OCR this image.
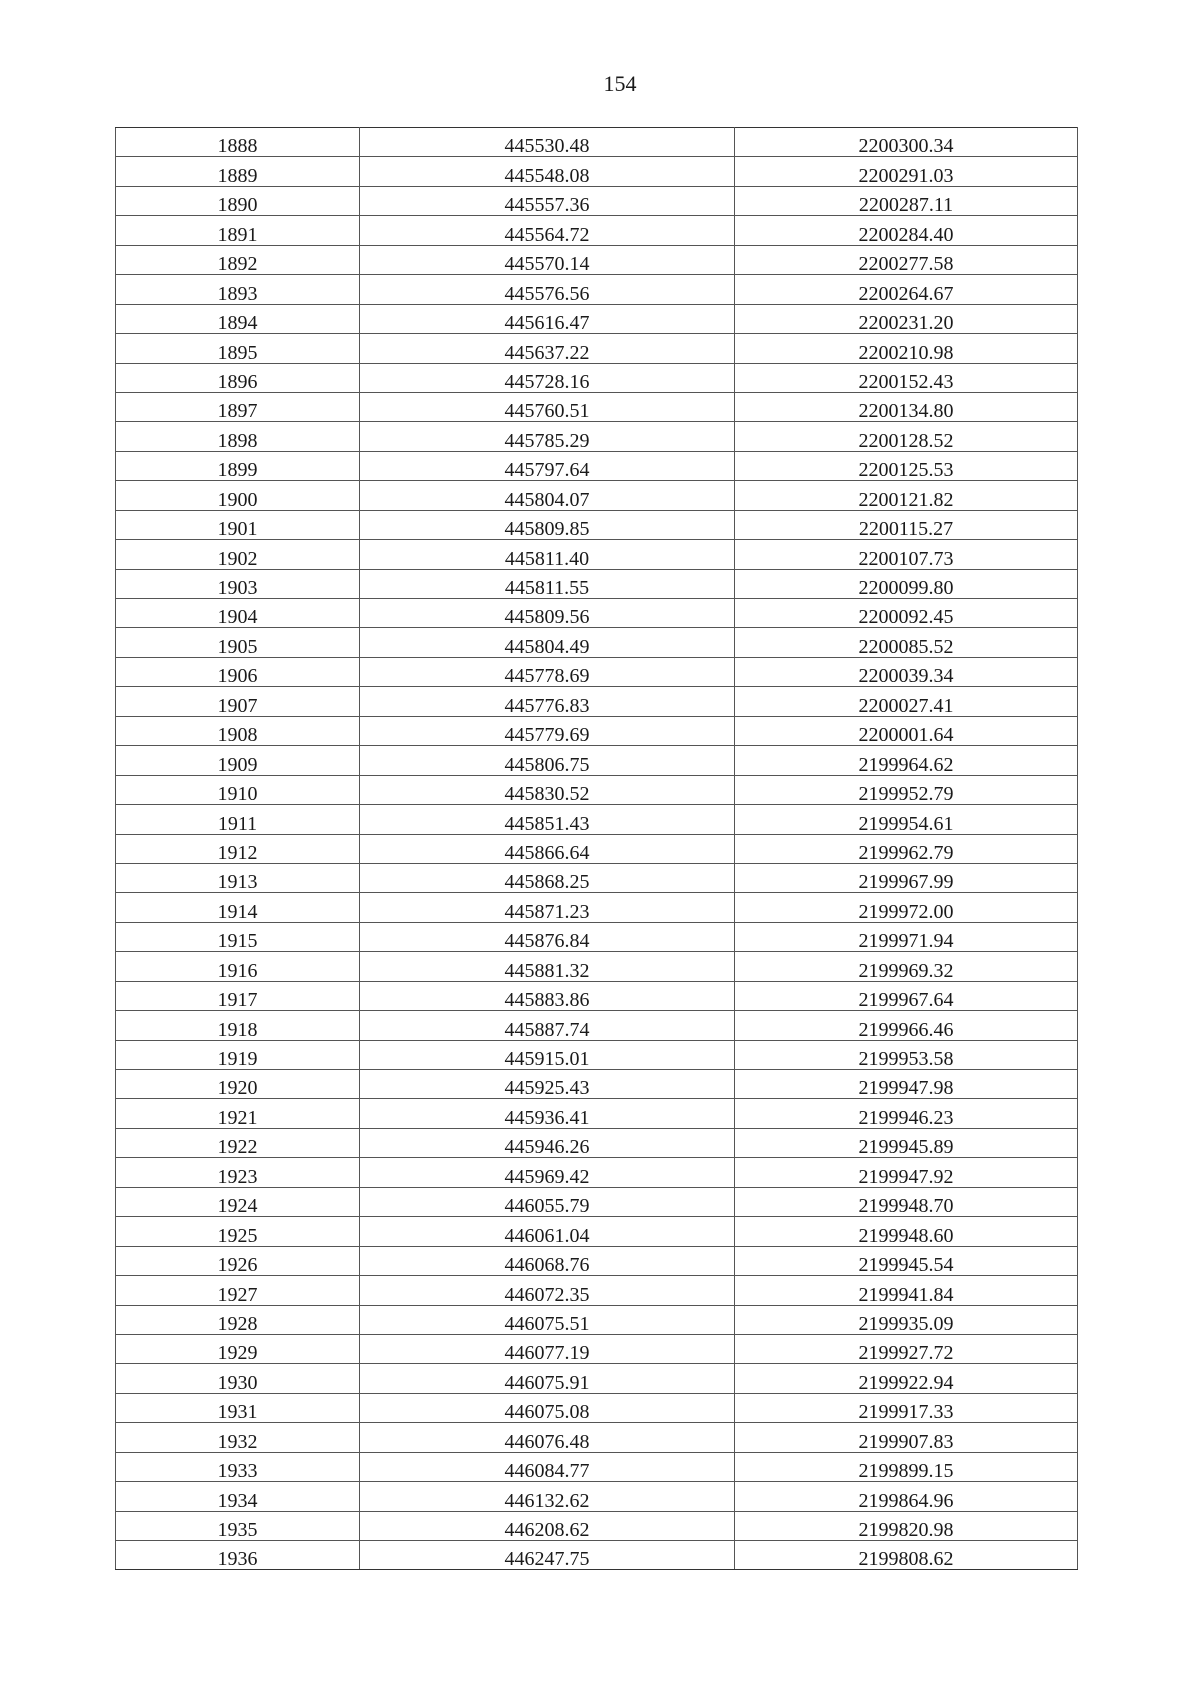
154
1888	445530.48	2200300.34
1889	445548.08	2200291.03
1890	445557.36	2200287.11
1891	445564.72	2200284.40
1892	445570.14	2200277.58
1893	445576.56	2200264.67
1894	445616.47	2200231.20
1895	445637.22	2200210.98
1896	445728.16	2200152.43
1897	445760.51	2200134.80
1898	445785.29	2200128.52
1899	445797.64	2200125.53
1900	445804.07	2200121.82
1901	445809.85	2200115.27
1902	445811.40	2200107.73
1903	445811.55	2200099.80
1904	445809.56	2200092.45
1905	445804.49	2200085.52
1906	445778.69	2200039.34
1907	445776.83	2200027.41
1908	445779.69	2200001.64
1909	445806.75	2199964.62
1910	445830.52	2199952.79
1911	445851.43	2199954.61
1912	445866.64	2199962.79
1913	445868.25	2199967.99
1914	445871.23	2199972.00
1915	445876.84	2199971.94
1916	445881.32	2199969.32
1917	445883.86	2199967.64
1918	445887.74	2199966.46
1919	445915.01	2199953.58
1920	445925.43	2199947.98
1921	445936.41	2199946.23
1922	445946.26	2199945.89
1923	445969.42	2199947.92
1924	446055.79	2199948.70
1925	446061.04	2199948.60
1926	446068.76	2199945.54
1927	446072.35	2199941.84
1928	446075.51	2199935.09
1929	446077.19	2199927.72
1930	446075.91	2199922.94
1931	446075.08	2199917.33
1932	446076.48	2199907.83
1933	446084.77	2199899.15
1934	446132.62	2199864.96
1935	446208.62	2199820.98
1936	446247.75	2199808.62
